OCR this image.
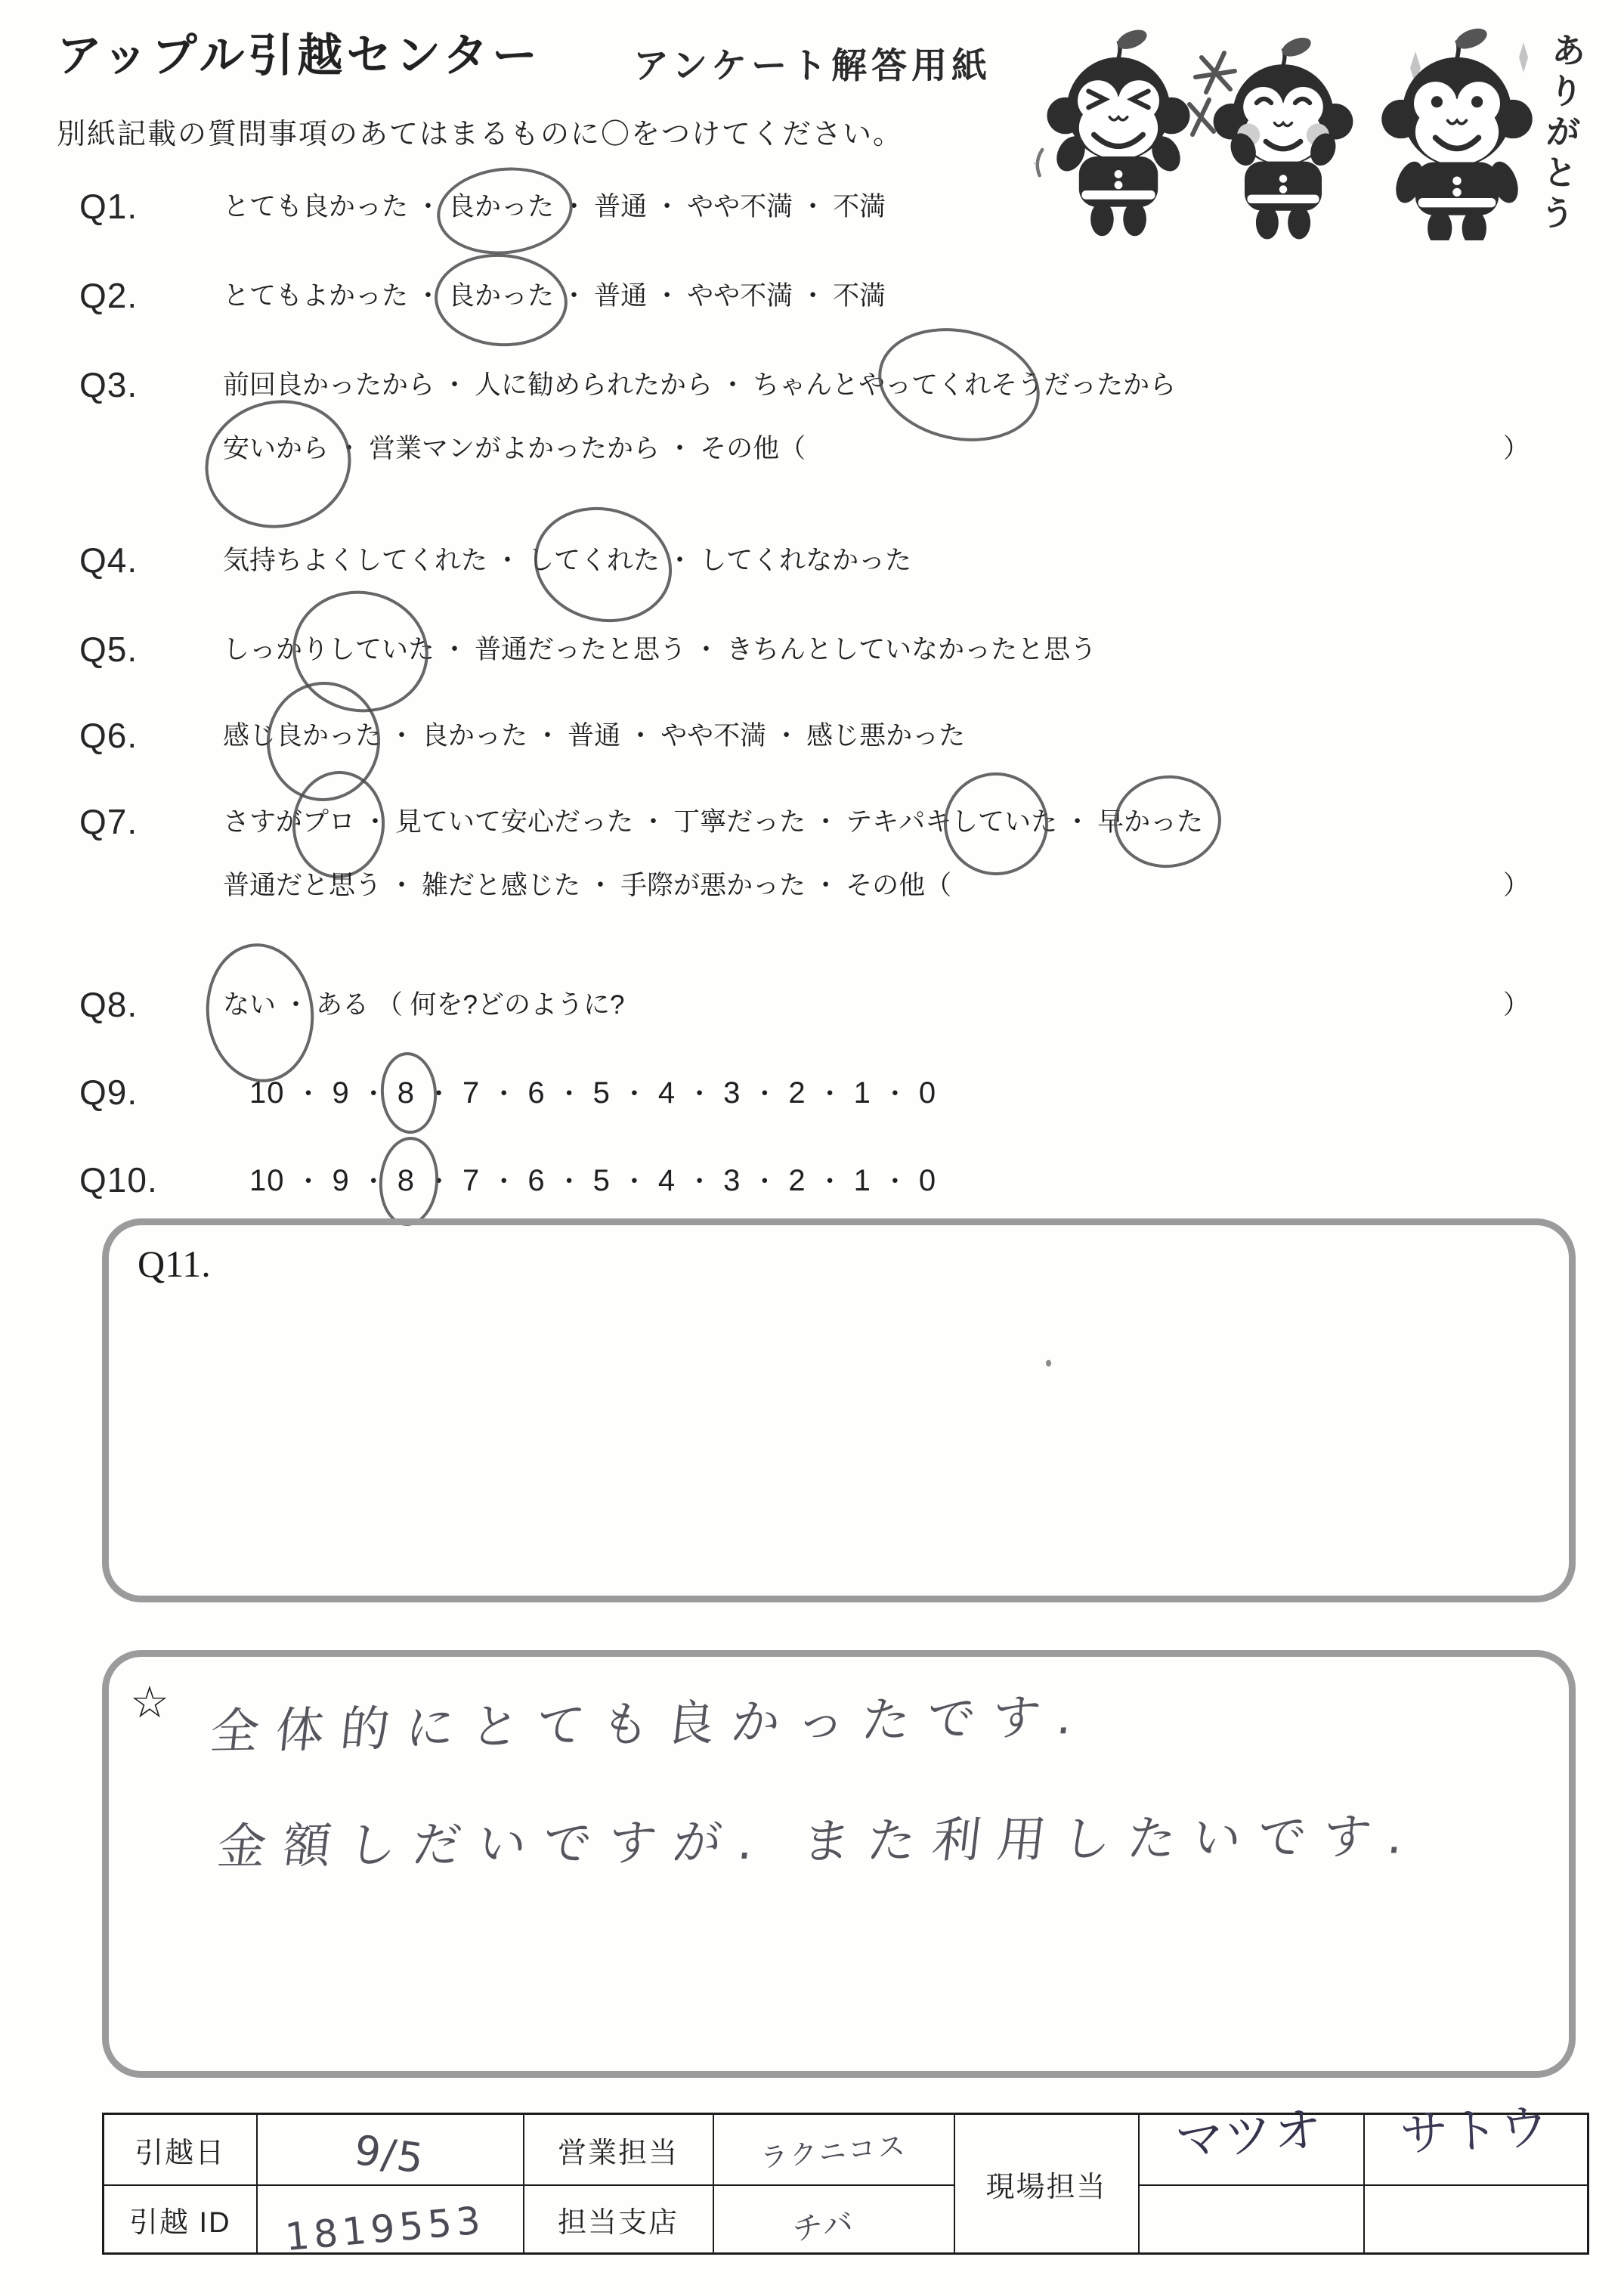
アップル引越センター	アンケート解答用紙
別紙記載の質問事項のあてはまるものに〇をつけてください。	ありがとう
Q1.	とても良かった ・ 良かった ・ 普通 ・ やや不満 ・ 不満
Q2.	とてもよかった ・ 良かった ・ 普通 ・ やや不満 ・ 不満
Q3.	前回良かったから ・ 人に勧められたから ・ ちゃんとやってくれそうだったから
安いから ・ 営業マンがよかったから ・ その他（	）
Q4.	気持ちよくしてくれた ・ してくれた ・ してくれなかった
Q5.	しっかりしていた ・ 普通だったと思う ・ きちんとしていなかったと思う
Q6.	感じ良かった ・ 良かった ・ 普通 ・ やや不満 ・ 感じ悪かった
Q7.	さすがプロ ・ 見ていて安心だった ・ 丁寧だった ・ テキパキしていた ・ 早かった
普通だと思う ・ 雑だと感じた ・ 手際が悪かった ・ その他（	）
Q8.	ない ・ ある （ 何を?どのように?	）
Q9.	10 ・ 9 ・ 8 ・ 7 ・ 6 ・ 5 ・ 4 ・ 3 ・ 2 ・ 1 ・ 0
Q10.	10 ・ 9 ・ 8 ・ 7 ・ 6 ・ 5 ・ 4 ・ 3 ・ 2 ・ 1 ・ 0
Q11.
☆ 全体的にとても良かったです.
金額しだいですが. また利用したいです.
引越日	9/5	営業担当	ラクニコス	現場担当	マツオ	サトウ
引越 ID	1819553	担当支店	チバ			
